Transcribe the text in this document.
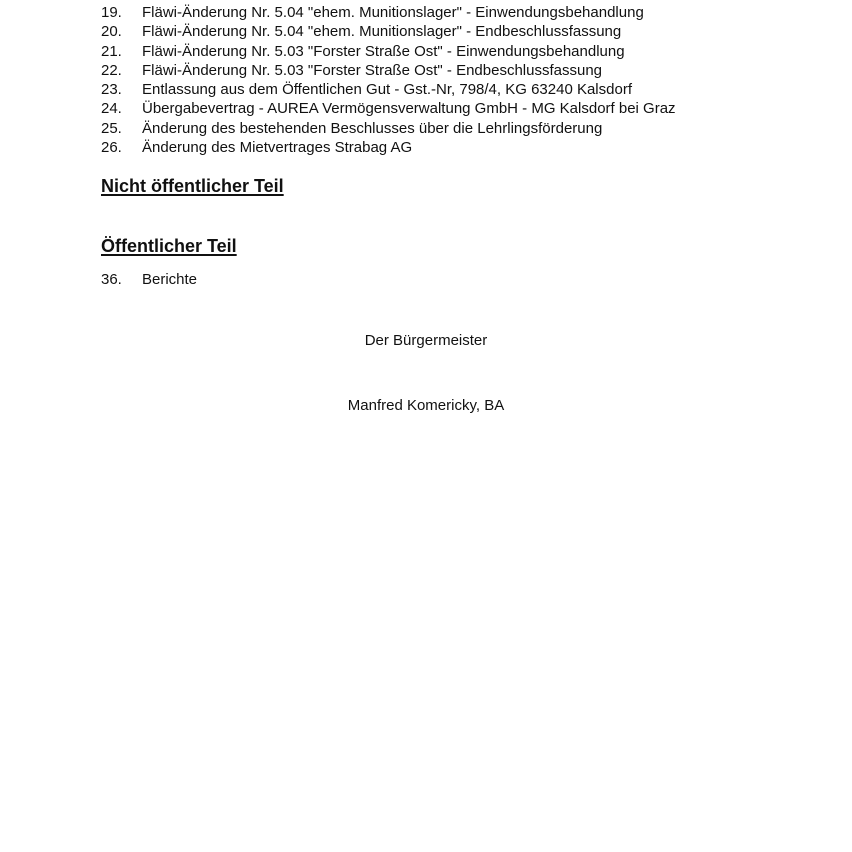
19.	Fläwi-Änderung Nr. 5.04 "ehem. Munitionslager" - Einwendungsbehandlung
20.	Fläwi-Änderung Nr. 5.04 "ehem. Munitionslager" - Endbeschlussfassung
21.	Fläwi-Änderung Nr. 5.03 "Forster Straße Ost" - Einwendungsbehandlung
22.	Fläwi-Änderung Nr. 5.03 "Forster Straße Ost" - Endbeschlussfassung
23.	Entlassung aus dem Öffentlichen Gut - Gst.-Nr, 798/4, KG 63240 Kalsdorf
24.	Übergabevertrag - AUREA Vermögensverwaltung GmbH - MG Kalsdorf bei Graz
25.	Änderung des bestehenden Beschlusses über die Lehrlingsförderung
26.	Änderung des Mietvertrages Strabag AG
Nicht öffentlicher Teil
Öffentlicher Teil
36.	Berichte
Der Bürgermeister
Manfred Komericky, BA
